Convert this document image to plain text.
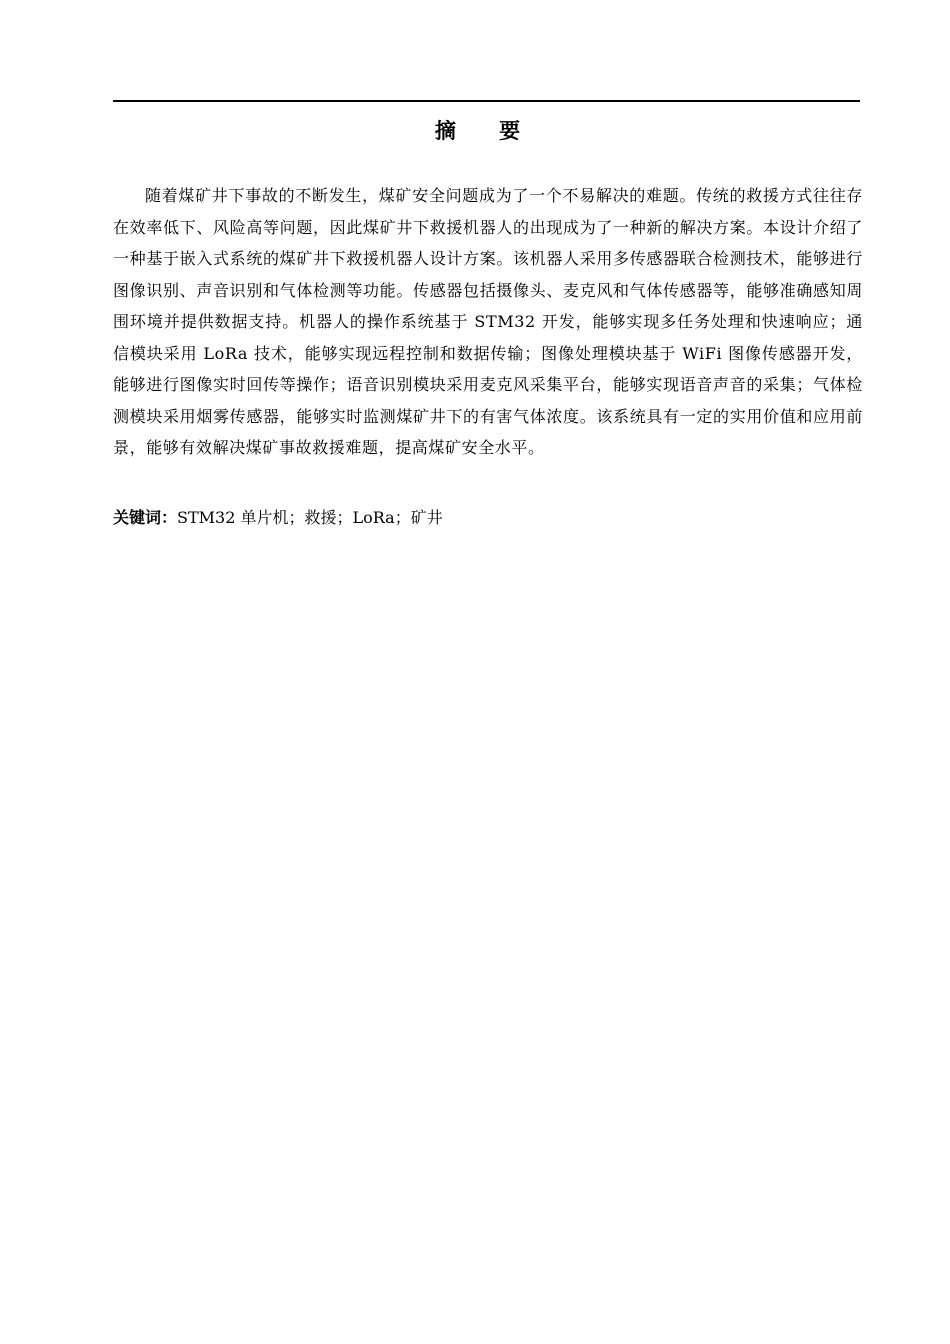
摘 要

随着煤矿井下事故的不断发生，煤矿安全问题成为了一个不易解决的难题。传统的救援方式往往存在效率低下、风险高等问题，因此煤矿井下救援机器人的出现成为了一种新的解决方案。本设计介绍了一种基于嵌入式系统的煤矿井下救援机器人设计方案。该机器人采用多传感器联合检测技术，能够进行图像识别、声音识别和气体检测等功能。传感器包括摄像头、麦克风和气体传感器等，能够准确感知周围环境并提供数据支持。机器人的操作系统基于 STM32 开发，能够实现多任务处理和快速响应；通信模块采用 LoRa 技术，能够实现远程控制和数据传输；图像处理模块基于 WiFi 图像传感器开发，能够进行图像实时回传等操作；语音识别模块采用麦克风采集平台，能够实现语音声音的采集；气体检测模块采用烟雾传感器，能够实时监测煤矿井下的有害气体浓度。该系统具有一定的实用价值和应用前景，能够有效解决煤矿事故救援难题，提高煤矿安全水平。

关键词：STM32 单片机；救援；LoRa；矿井
